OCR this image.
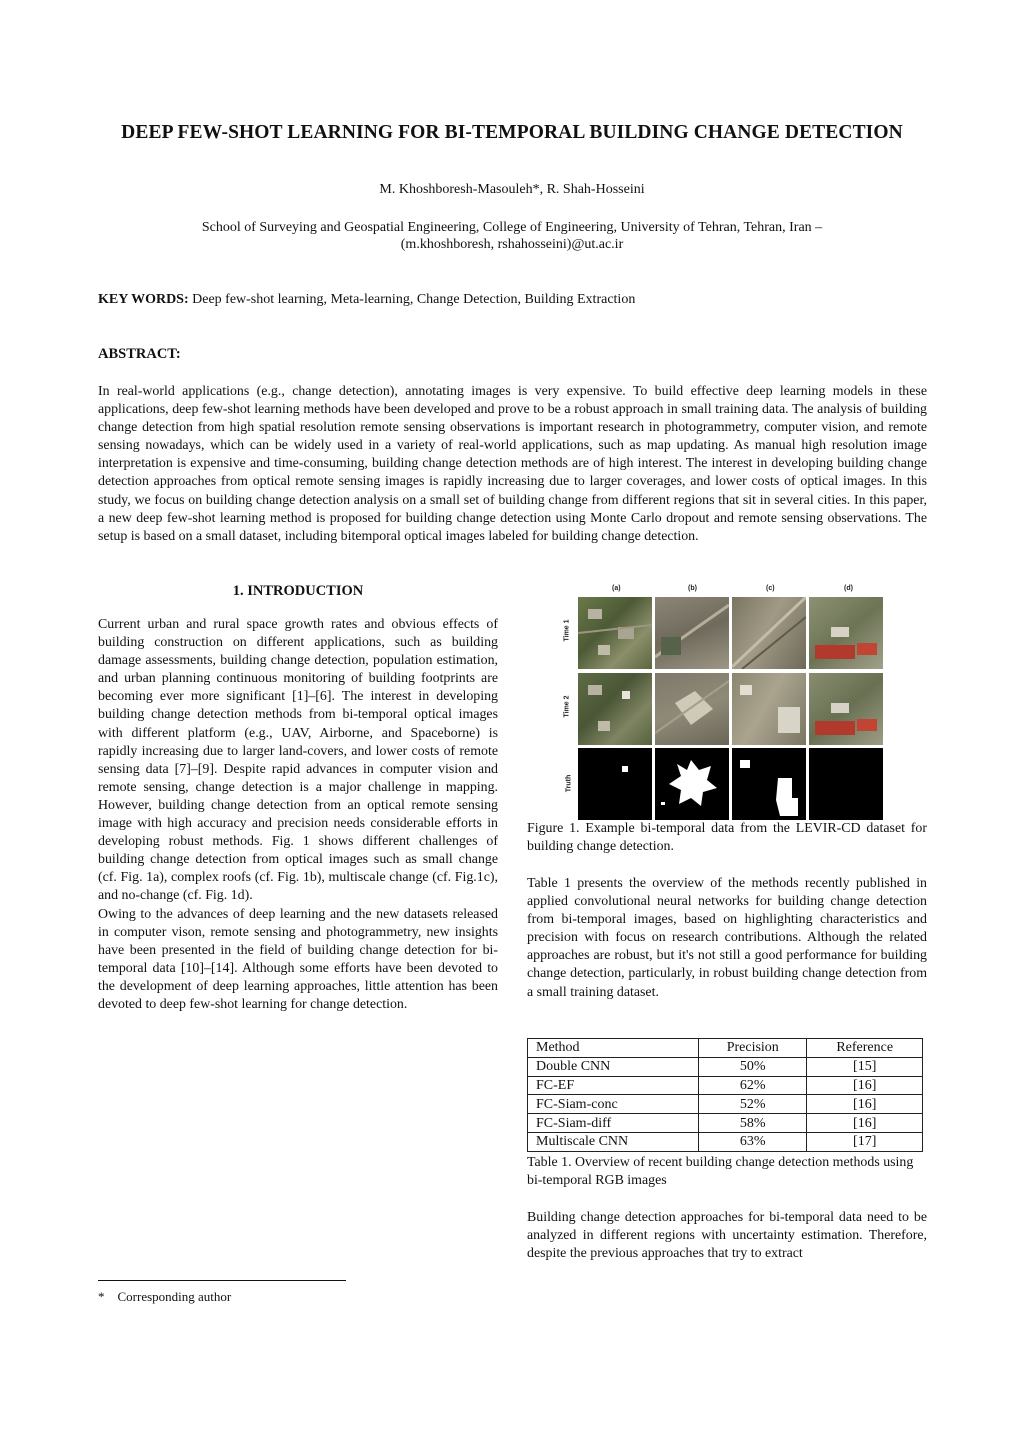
DEEP FEW-SHOT LEARNING FOR BI-TEMPORAL BUILDING CHANGE DETECTION
M. Khoshboresh-Masouleh*, R. Shah-Hosseini
School of Surveying and Geospatial Engineering, College of Engineering, University of Tehran, Tehran, Iran –
(m.khoshboresh, rshahosseini)@ut.ac.ir
KEY WORDS: Deep few-shot learning, Meta-learning, Change Detection, Building Extraction
ABSTRACT:
In real-world applications (e.g., change detection), annotating images is very expensive. To build effective deep learning models in these applications, deep few-shot learning methods have been developed and prove to be a robust approach in small training data. The analysis of building change detection from high spatial resolution remote sensing observations is important research in photogrammetry, computer vision, and remote sensing nowadays, which can be widely used in a variety of real-world applications, such as map updating. As manual high resolution image interpretation is expensive and time-consuming, building change detection methods are of high interest. The interest in developing building change detection approaches from optical remote sensing images is rapidly increasing due to larger coverages, and lower costs of optical images. In this study, we focus on building change detection analysis on a small set of building change from different regions that sit in several cities. In this paper, a new deep few-shot learning method is proposed for building change detection using Monte Carlo dropout and remote sensing observations. The setup is based on a small dataset, including bitemporal optical images labeled for building change detection.
1. INTRODUCTION

Current urban and rural space growth rates and obvious effects of building construction on different applications, such as building damage assessments, building change detection, population estimation, and urban planning continuous monitoring of building footprints are becoming ever more significant [1]–[6]. The interest in developing building change detection methods from bi-temporal optical images with different platform (e.g., UAV, Airborne, and Spaceborne) is rapidly increasing due to larger land-covers, and lower costs of remote sensing data [7]–[9]. Despite rapid advances in computer vision and remote sensing, change detection is a major challenge in mapping. However, building change detection from an optical remote sensing image with high accuracy and precision needs considerable efforts in developing robust methods. Fig. 1 shows different challenges of building change detection from optical images such as small change (cf. Fig. 1a), complex roofs (cf. Fig. 1b), multiscale change (cf. Fig.1c), and no-change (cf. Fig. 1d).

Owing to the advances of deep learning and the new datasets released in computer vison, remote sensing and photogrammetry, new insights have been presented in the field of building change detection for bi-temporal data [10]–[14]. Although some efforts have been devoted to the development of deep learning approaches, little attention has been devoted to deep few-shot learning for change detection.

(a)	(b)	(c)	(d)
Time 1
Time 2
Truth
Figure 1. Example bi-temporal data from the LEVIR-CD dataset for building change detection.
Table 1 presents the overview of the methods recently published in applied convolutional neural networks for building change detection from bi-temporal images, based on highlighting characteristics and precision with focus on research contributions. Although the related approaches are robust, but it's not still a good performance for building change detection, particularly, in robust building change detection from a small training dataset.
Method	Precision	Reference
Double CNN	50%	[15]
FC-EF	62%	[16]
FC-Siam-conc	52%	[16]
FC-Siam-diff	58%	[16]
Multiscale CNN	63%	[17]
Table 1. Overview of recent building change detection methods using bi-temporal RGB images
Building change detection approaches for bi-temporal data need to be analyzed in different regions with uncertainty estimation. Therefore, despite the previous approaches that try to extract
*    Corresponding author
